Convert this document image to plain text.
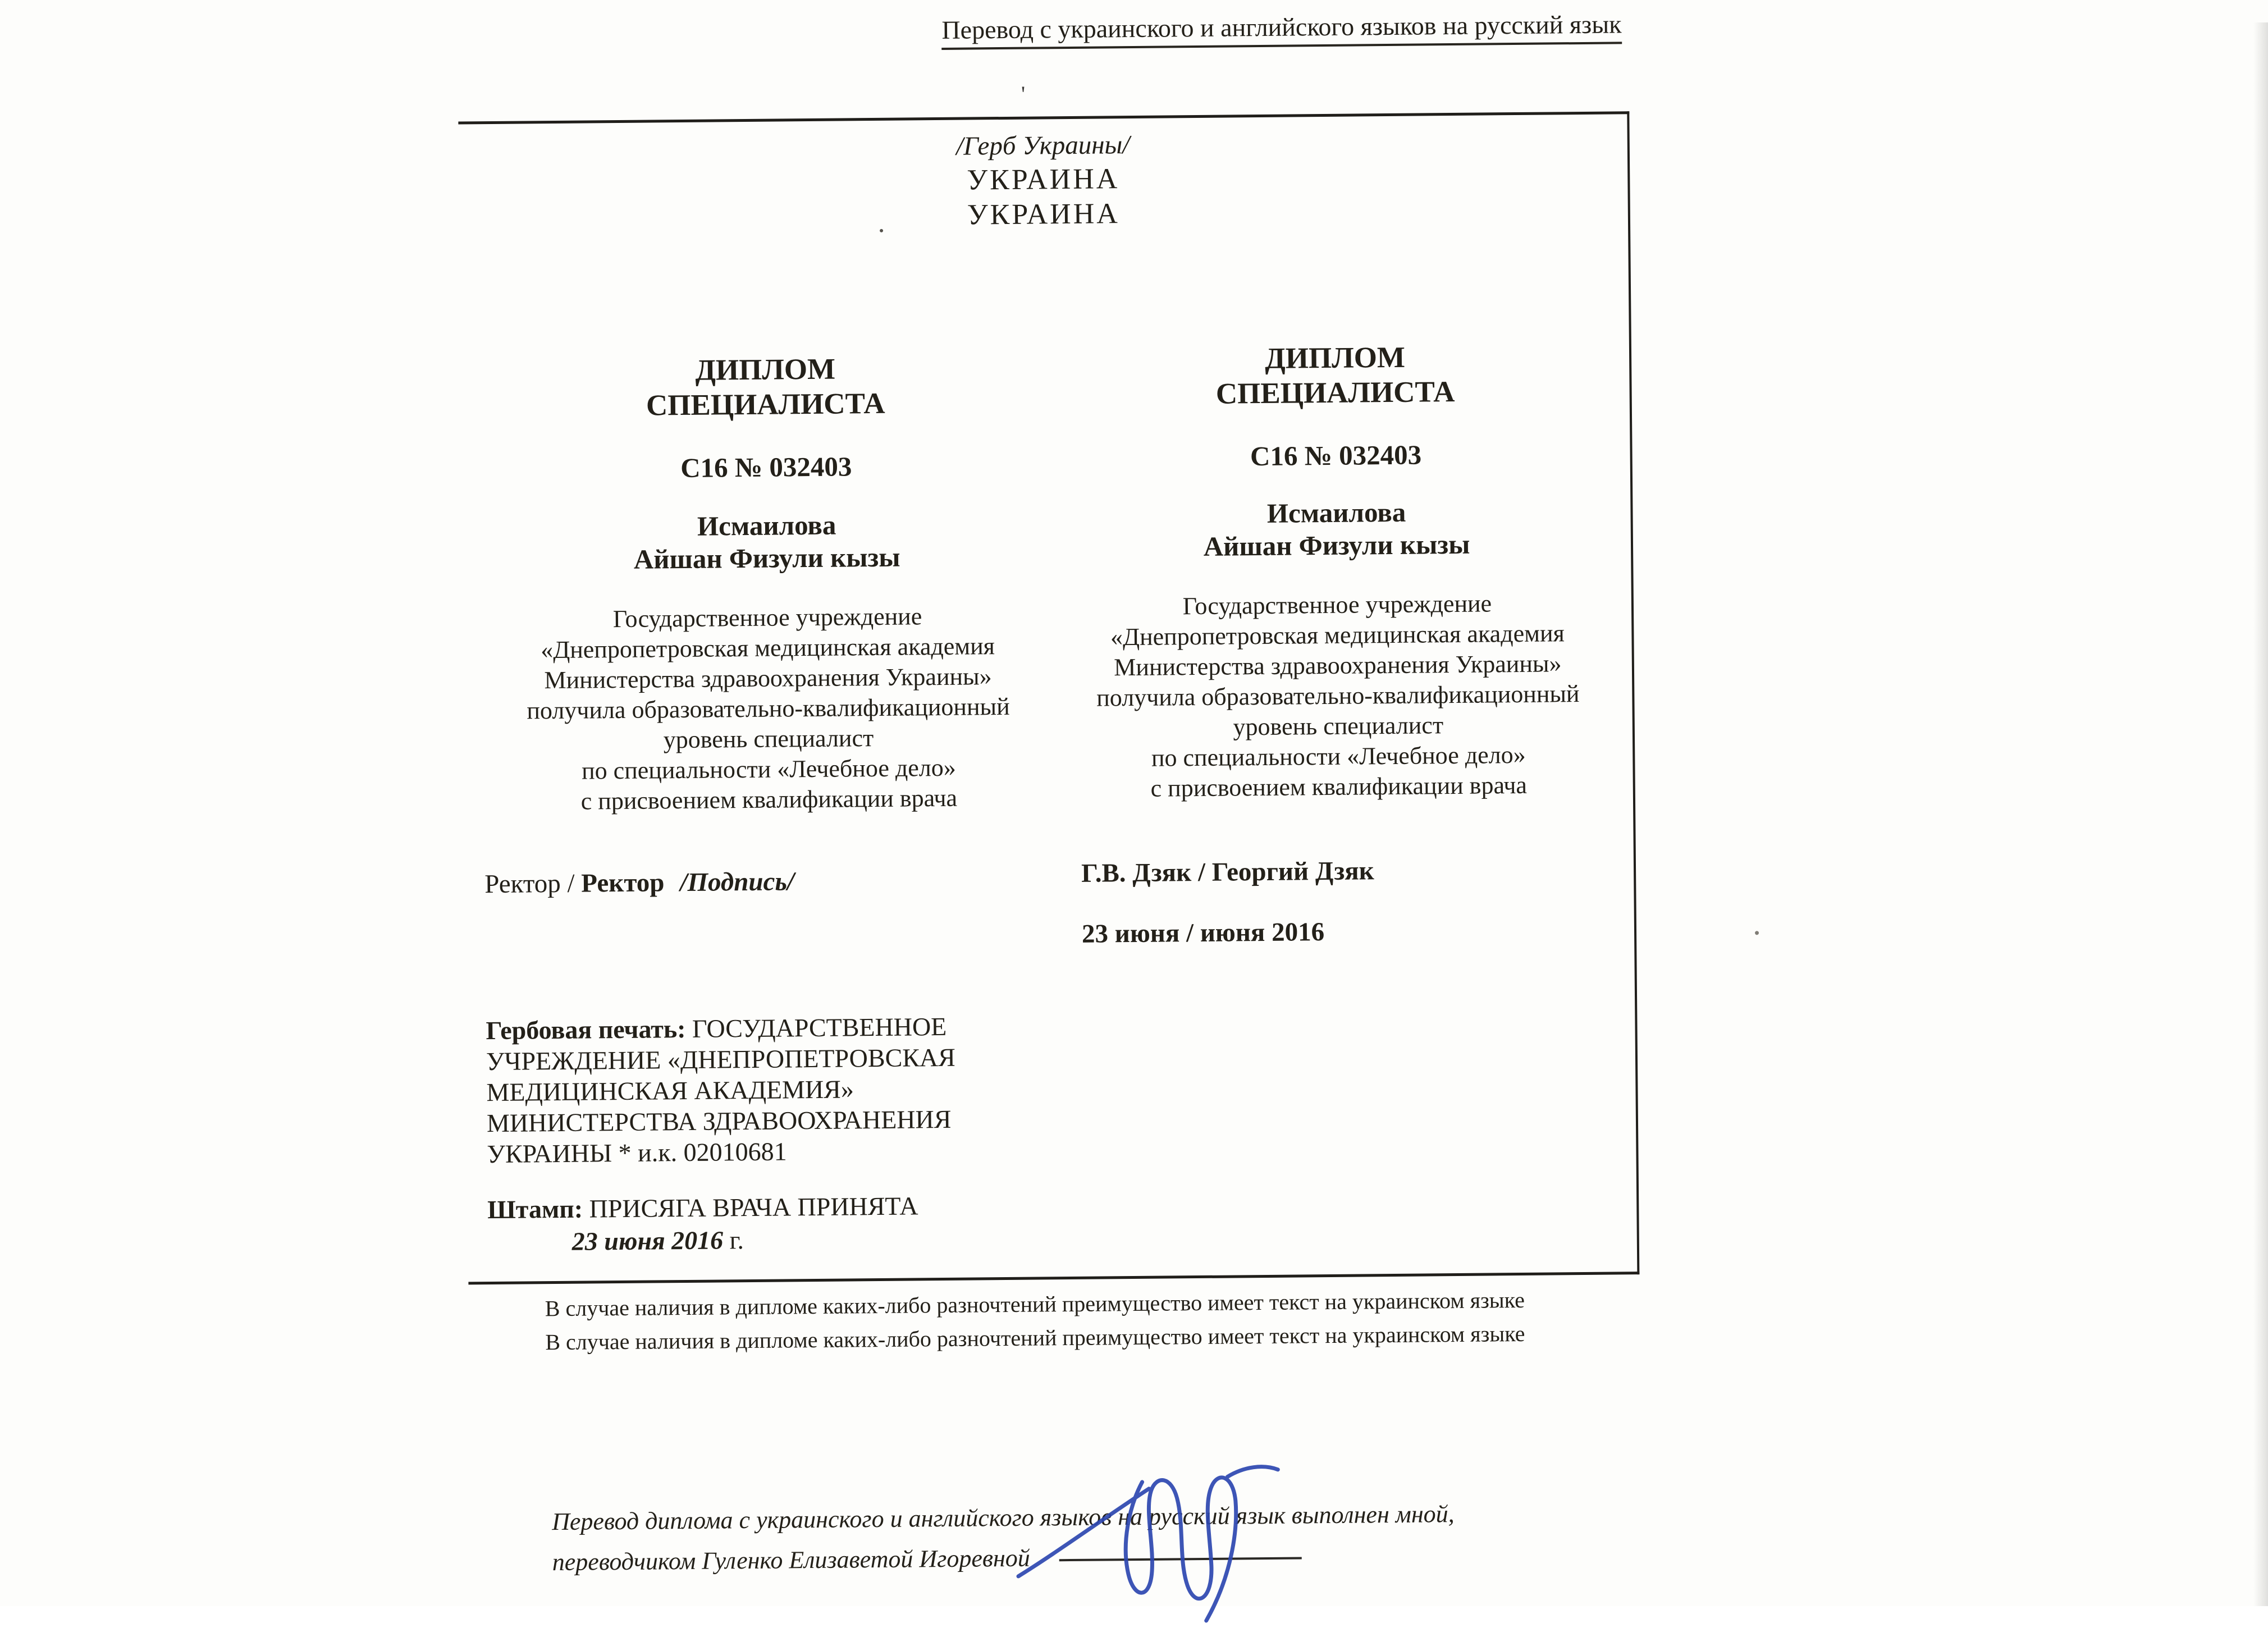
Перевод с украинского и английского языков на русский язык
/Герб Украины/
УКРАИНА
УКРАИНА
ДИПЛОМ
СПЕЦИАЛИСТА
С16 № 032403
Исмаилова
Айшан Физули кызы
Государственное учреждение
«Днепропетровская медицинская академия
Министерства здравоохранения Украины»
получила образовательно-квалификационный
уровень специалист
по специальности «Лечебное дело»
с присвоением квалификации врача
Ректор / Ректор /Подпись/
Гербовая печать: ГОСУДАРСТВЕННОЕ
УЧРЕЖДЕНИЕ «ДНЕПРОПЕТРОВСКАЯ
МЕДИЦИНСКАЯ АКАДЕМИЯ»
МИНИСТЕРСТВА ЗДРАВООХРАНЕНИЯ
УКРАИНЫ * и.к. 02010681
Штамп: ПРИСЯГА ВРАЧА ПРИНЯТА
23 июня 2016 г.
ДИПЛОМ
СПЕЦИАЛИСТА
С16 № 032403
Исмаилова
Айшан Физули кызы
Государственное учреждение
«Днепропетровская медицинская академия
Министерства здравоохранения Украины»
получила образовательно-квалификационный
уровень специалист
по специальности «Лечебное дело»
с присвоением квалификации врача
Г.В. Дзяк / Георгий Дзяк
23 июня / июня 2016
В случае наличия в дипломе каких-либо разночтений преимущество имеет текст на украинском языке
В случае наличия в дипломе каких-либо разночтений преимущество имеет текст на украинском языке
Перевод диплома с украинского и английского языков на русский язык выполнен мной,
переводчиком Гуленко Елизаветой Игоревной
'
